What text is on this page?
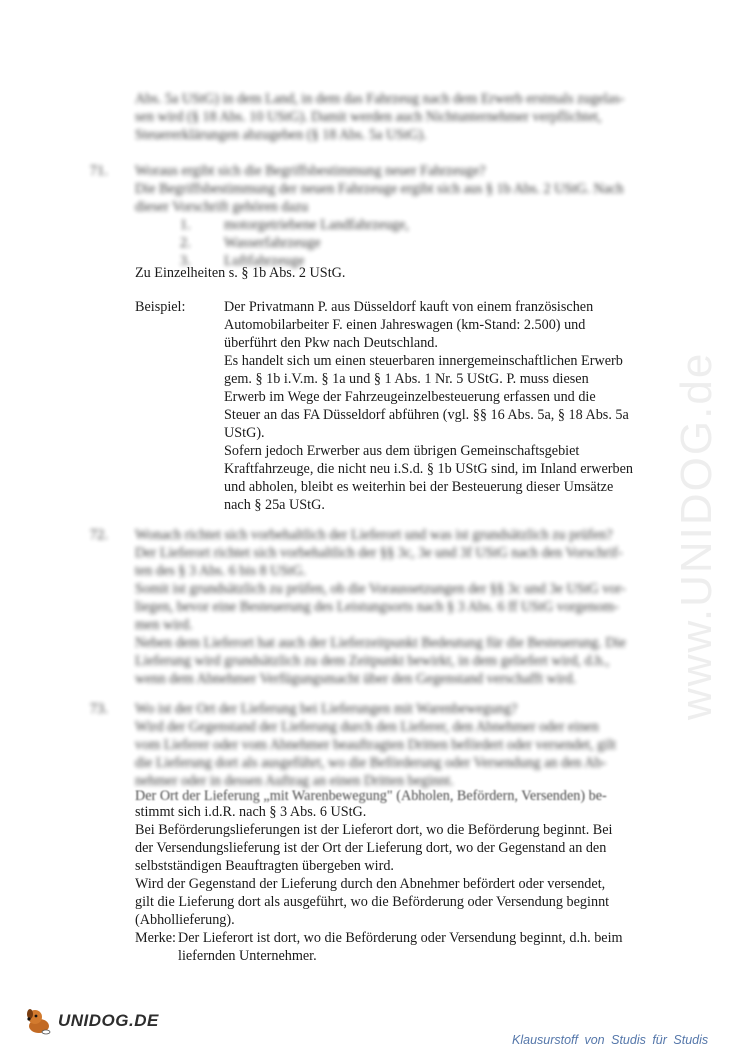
www.UNIDOG.de
Abs. 5a UStG) in dem Land, in dem das Fahrzeug nach dem Erwerb erstmals zugelas-
sen wird (§ 18 Abs. 10 UStG). Damit werden auch Nichtunternehmer verpflichtet,
Steuererklärungen abzugeben (§ 18 Abs. 5a UStG).
71. Woraus ergibt sich die Begriffsbestimmung neuer Fahrzeuge?
Die Begriffsbestimmung der neuen Fahrzeuge ergibt sich aus § 1b Abs. 2 UStG. Nach
dieser Vorschrift gehören dazu
1. motorgetriebene Landfahrzeuge,
2. Wasserfahrzeuge
3. Luftfahrzeuge
Zu Einzelheiten s. § 1b Abs. 2 UStG.
Beispiel:	Der Privatmann P. aus Düsseldorf kauft von einem französischen
Automobilarbeiter F. einen Jahreswagen (km-Stand: 2.500) und
überführt den Pkw nach Deutschland.
Es handelt sich um einen steuerbaren innergemeinschaftlichen Erwerb
gem. § 1b i.V.m. § 1a und § 1 Abs. 1 Nr. 5 UStG. P. muss diesen
Erwerb im Wege der Fahrzeugeinzelbesteuerung erfassen und die
Steuer an das FA Düsseldorf abführen (vgl. §§ 16 Abs. 5a, § 18 Abs. 5a
UStG).
Sofern jedoch Erwerber aus dem übrigen Gemeinschaftsgebiet
Kraftfahrzeuge, die nicht neu i.S.d. § 1b UStG sind, im Inland erwerben
und abholen, bleibt es weiterhin bei der Besteuerung dieser Umsätze
nach § 25a UStG.
72. Wonach richtet sich vorbehaltlich der Lieferort und was ist grundsätzlich zu prüfen?
Der Lieferort richtet sich vorbehaltlich der §§ 3c, 3e und 3f UStG nach den Vorschrif-
ten des § 3 Abs. 6 bis 8 UStG.
Somit ist grundsätzlich zu prüfen, ob die Voraussetzungen der §§ 3c und 3e UStG vor-
liegen, bevor eine Besteuerung des Leistungsorts nach § 3 Abs. 6 ff UStG vorgenom-
men wird.
Neben dem Lieferort hat auch der Lieferzeitpunkt Bedeutung für die Besteuerung. Die
Lieferung wird grundsätzlich zu dem Zeitpunkt bewirkt, in dem geliefert wird, d.h.,
wenn dem Abnehmer Verfügungsmacht über den Gegenstand verschafft wird.
73. Wo ist der Ort der Lieferung bei Lieferungen mit Warenbewegung?
Wird der Gegenstand der Lieferung durch den Lieferer, den Abnehmer oder einen
vom Lieferer oder vom Abnehmer beauftragten Dritten befördert oder versendet, gilt
die Lieferung dort als ausgeführt, wo die Beförderung oder Versendung an den Ab-
nehmer oder in dessen Auftrag an einen Dritten beginnt.
Der Ort der Lieferung „mit Warenbewegung" (Abholen, Befördern, Versenden) be-
stimmt sich i.d.R. nach § 3 Abs. 6 UStG.
Bei Beförderungslieferungen ist der Lieferort dort, wo die Beförderung beginnt. Bei
der Versendungslieferung ist der Ort der Lieferung dort, wo der Gegenstand an den
selbstständigen Beauftragten übergeben wird.
Wird der Gegenstand der Lieferung durch den Abnehmer befördert oder versendet,
gilt die Lieferung dort als ausgeführt, wo die Beförderung oder Versendung beginnt
(Abhollieferung).
Merke: Der Lieferort ist dort, wo die Beförderung oder Versendung beginnt, d.h. beim
liefernden Unternehmer.
UNIDOG.DE
Klausurstoff von Studis für Studis
